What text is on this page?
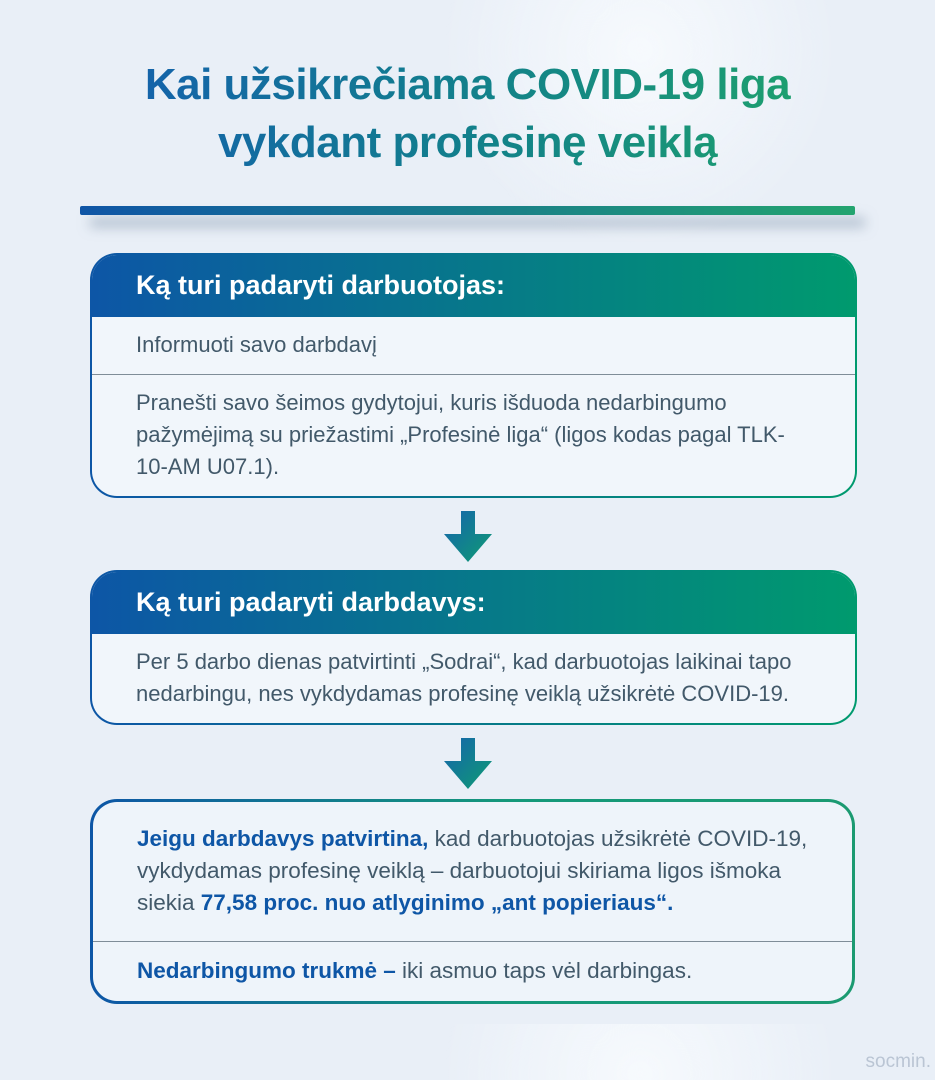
Kai užsikrečiama COVID-19 liga
vykdant profesinę veiklą
Ką turi padaryti darbuotojas:
Informuoti savo darbdavį
Pranešti savo šeimos gydytojui, kuris išduoda nedarbingumo pažymėjimą su priežastimi „Profesinė liga“ (ligos kodas pagal TLK-10-AM U07.1).
Ką turi padaryti darbdavys:
Per 5 darbo dienas patvirtinti „Sodrai“, kad darbuotojas laikinai tapo nedarbingu, nes vykdydamas profesinę veiklą užsikrėtė COVID-19.

Jeigu darbdavys patvirtina, kad darbuotojas užsikrėtė COVID-19, vykdydamas profesinę veiklą – darbuotojui skiriama ligos išmoka siekia 77,58 proc. nuo atlyginimo „ant popieriaus“.

Nedarbingumo trukmė – iki asmuo taps vėl darbingas.

socmin.
